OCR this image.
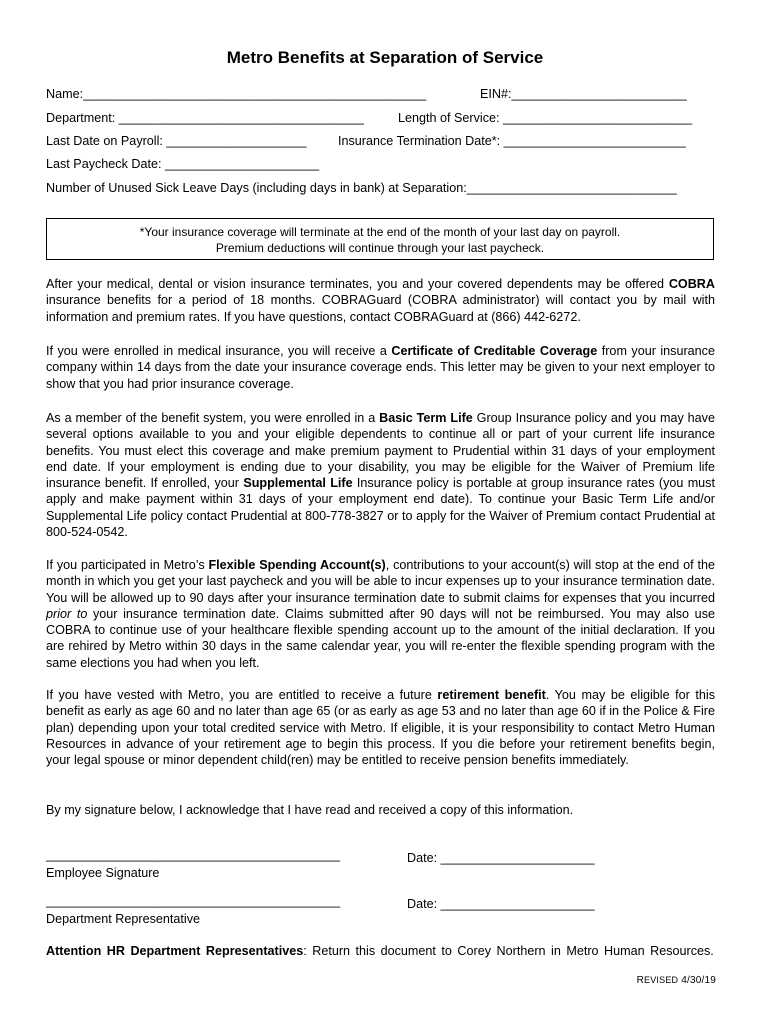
Metro Benefits at Separation of Service
Name:_________________________________________________	EIN#:_________________________
Department: ___________________________________	Length of Service: ___________________________
Last Date on Payroll: ____________________	Insurance Termination Date*: __________________________
Last Paycheck Date: ______________________
Number of Unused Sick Leave Days (including days in bank) at Separation:______________________________
*Your insurance coverage will terminate at the end of the month of your last day on payroll.
Premium deductions will continue through your last paycheck.
After your medical, dental or vision insurance terminates, you and your covered dependents may be offered COBRA insurance benefits for a period of 18 months. COBRAGuard (COBRA administrator) will contact you by mail with information and premium rates. If you have questions, contact COBRAGuard at (866) 442-6272.
If you were enrolled in medical insurance, you will receive a Certificate of Creditable Coverage from your insurance company within 14 days from the date your insurance coverage ends. This letter may be given to your next employer to show that you had prior insurance coverage.
As a member of the benefit system, you were enrolled in a Basic Term Life Group Insurance policy and you may have several options available to you and your eligible dependents to continue all or part of your current life insurance benefits. You must elect this coverage and make premium payment to Prudential within 31 days of your employment end date. If your employment is ending due to your disability, you may be eligible for the Waiver of Premium life insurance benefit. If enrolled, your Supplemental Life Insurance policy is portable at group insurance rates (you must apply and make payment within 31 days of your employment end date). To continue your Basic Term Life and/or Supplemental Life policy contact Prudential at 800-778-3827 or to apply for the Waiver of Premium contact Prudential at 800-524-0542.
If you participated in Metro’s Flexible Spending Account(s), contributions to your account(s) will stop at the end of the month in which you get your last paycheck and you will be able to incur expenses up to your insurance termination date. You will be allowed up to 90 days after your insurance termination date to submit claims for expenses that you incurred prior to your insurance termination date. Claims submitted after 90 days will not be reimbursed. You may also use COBRA to continue use of your healthcare flexible spending account up to the amount of the initial declaration. If you are rehired by Metro within 30 days in the same calendar year, you will re-enter the flexible spending program with the same elections you had when you left.
If you have vested with Metro, you are entitled to receive a future retirement benefit. You may be eligible for this benefit as early as age 60 and no later than age 65 (or as early as age 53 and no later than age 60 if in the Police & Fire plan) depending upon your total credited service with Metro. If eligible, it is your responsibility to contact Metro Human Resources in advance of your retirement age to begin this process. If you die before your retirement benefits begin, your legal spouse or minor dependent child(ren) may be entitled to receive pension benefits immediately.
By my signature below, I acknowledge that I have read and received a copy of this information.
__________________________________________
Employee Signature
Date: ______________________
__________________________________________
Department Representative
Date: ______________________
Attention HR Department Representatives: Return this document to Corey Northern in Metro Human Resources.
REVISED 4/30/19
